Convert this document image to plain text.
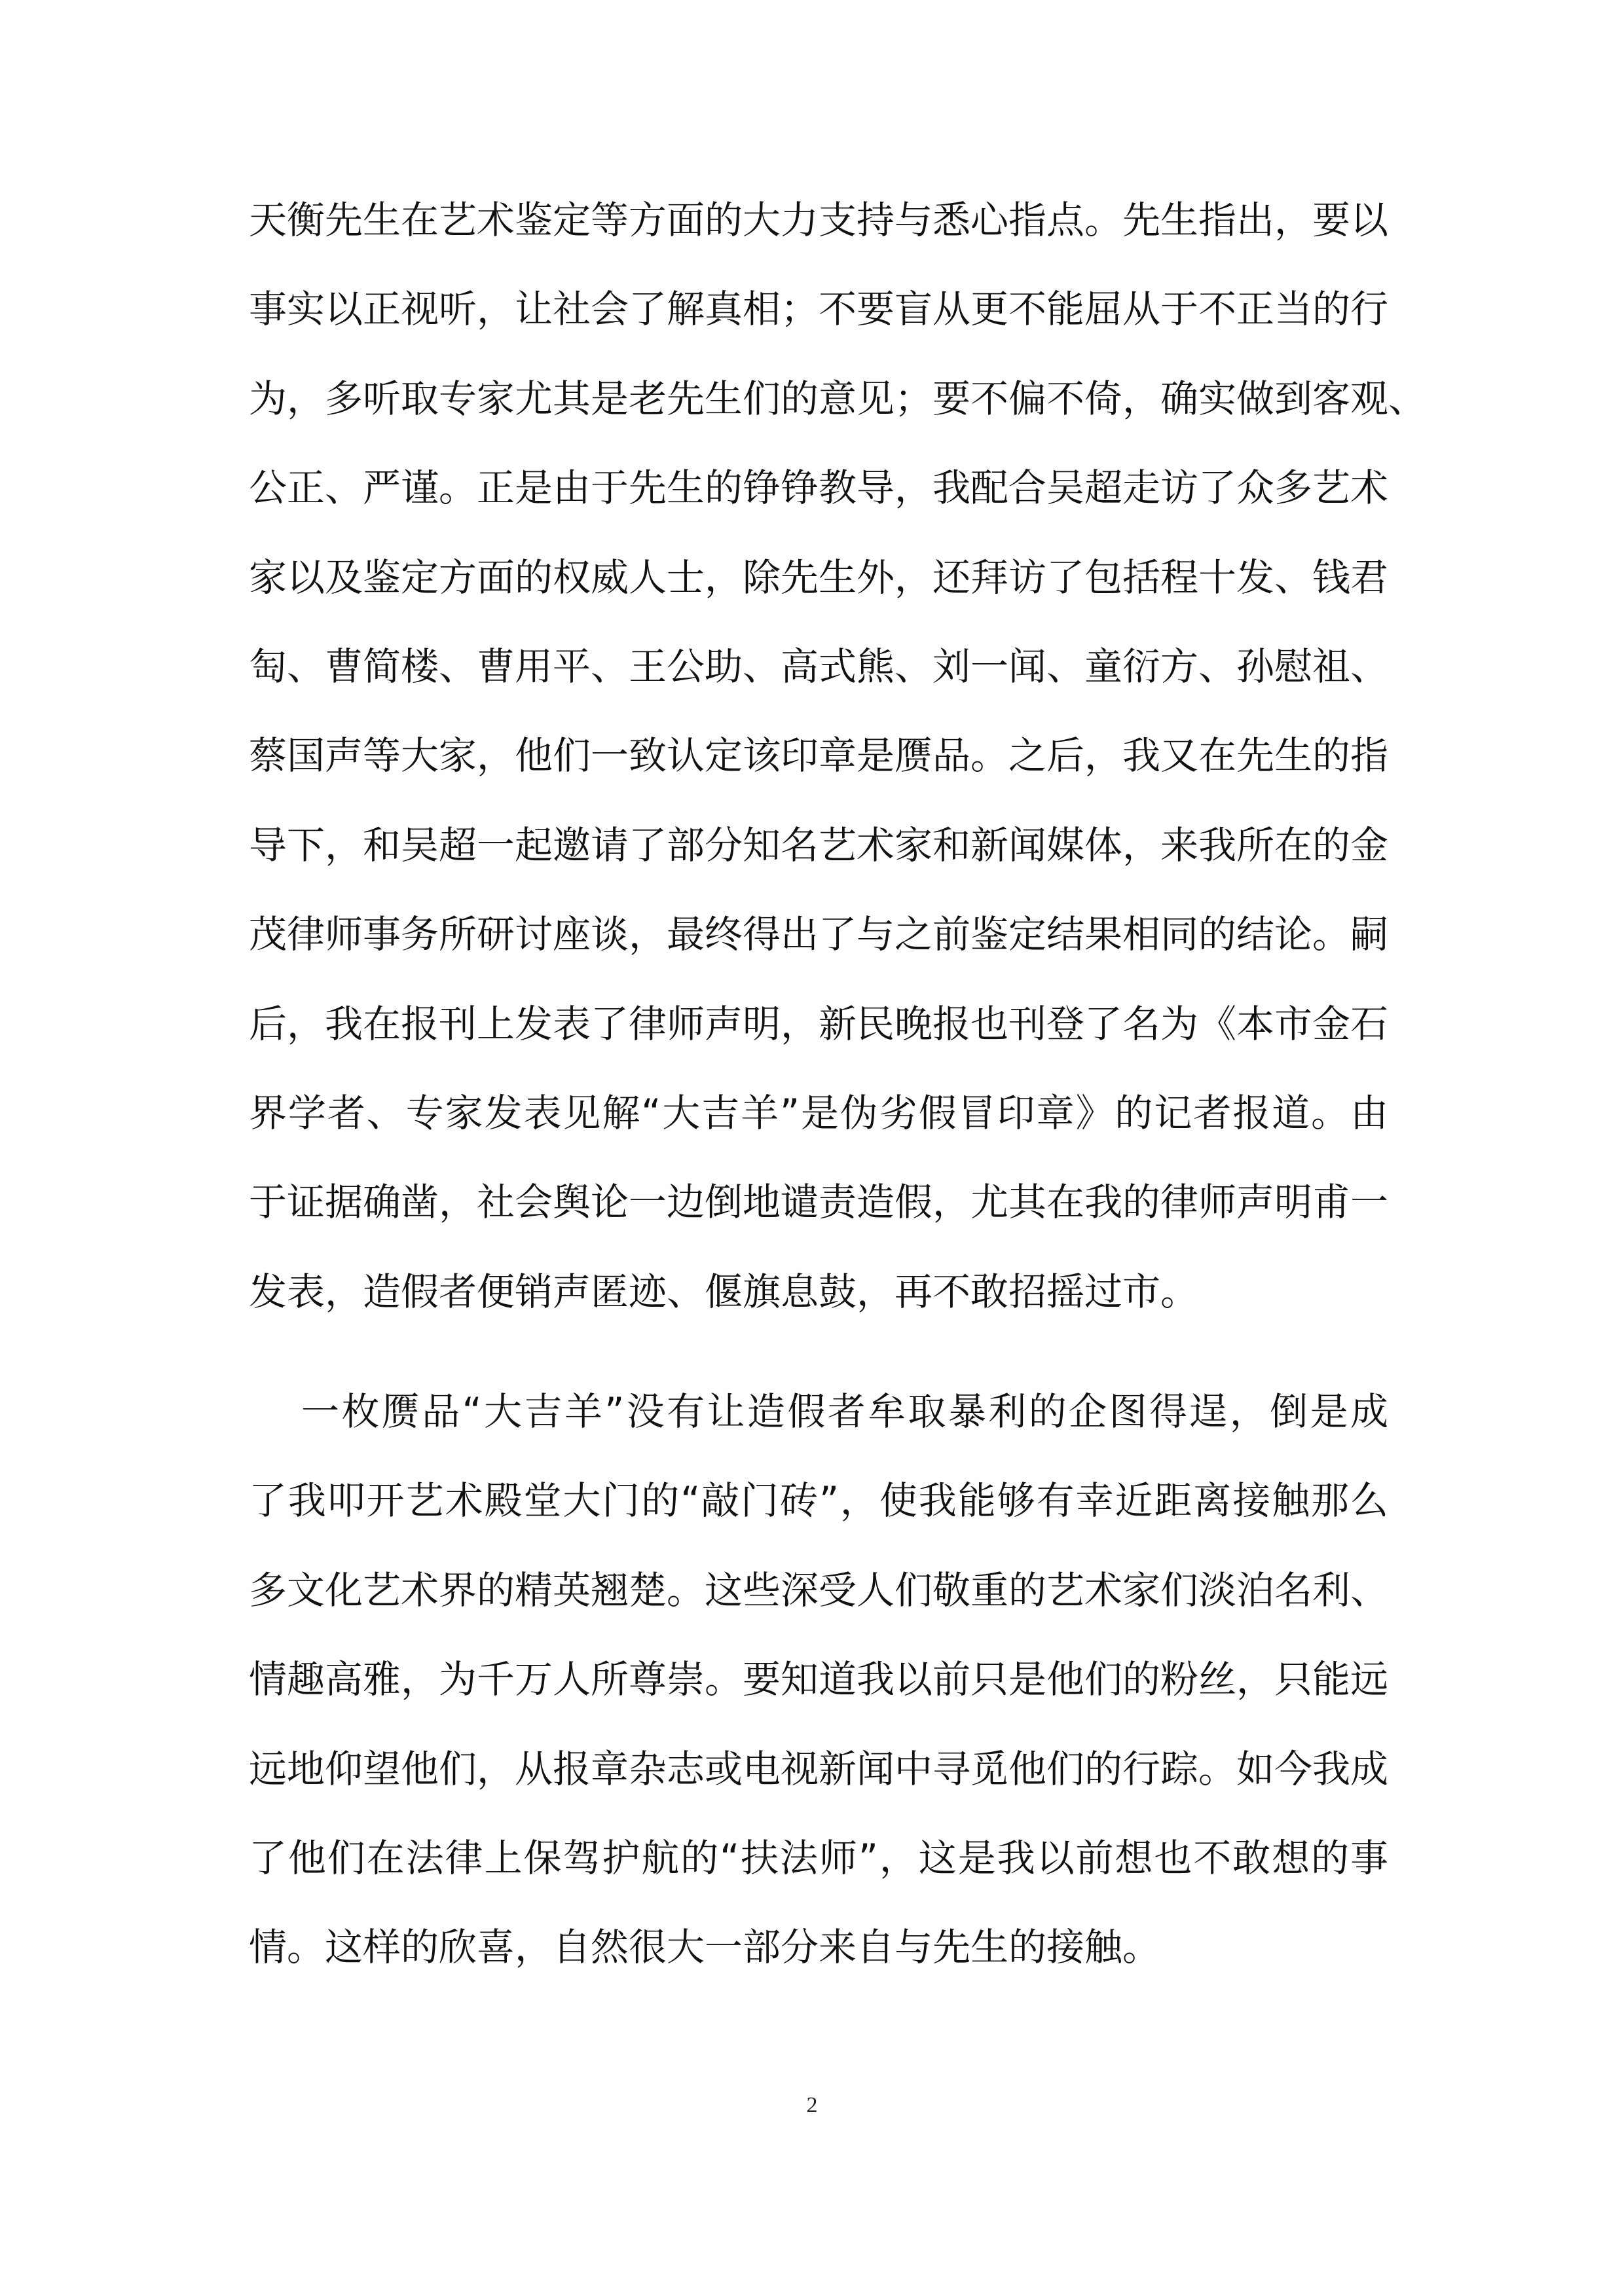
天衡先生在艺术鉴定等方面的大力支持与悉心指点。先生指出，要以
事实以正视听，让社会了解真相；不要盲从更不能屈从于不正当的行
为，多听取专家尤其是老先生们的意见；要不偏不倚，确实做到客观、
公正、严谨。正是由于先生的铮铮教导，我配合吴超走访了众多艺术
家以及鉴定方面的权威人士，除先生外，还拜访了包括程十发、钱君
匋、曹简楼、曹用平、王公助、高式熊、刘一闻、童衍方、孙慰祖、
蔡国声等大家，他们一致认定该印章是赝品。之后，我又在先生的指
导下，和吴超一起邀请了部分知名艺术家和新闻媒体，来我所在的金
茂律师事务所研讨座谈，最终得出了与之前鉴定结果相同的结论。嗣
后，我在报刊上发表了律师声明，新民晚报也刊登了名为《本市金石
界学者、专家发表见解“大吉羊”是伪劣假冒印章》的记者报道。由
于证据确凿，社会舆论一边倒地谴责造假，尤其在我的律师声明甫一
发表，造假者便销声匿迹、偃旗息鼓，再不敢招摇过市。
一枚赝品“大吉羊”没有让造假者牟取暴利的企图得逞，倒是成
了我叩开艺术殿堂大门的“敲门砖”，使我能够有幸近距离接触那么
多文化艺术界的精英翘楚。这些深受人们敬重的艺术家们淡泊名利、
情趣高雅，为千万人所尊崇。要知道我以前只是他们的粉丝，只能远
远地仰望他们，从报章杂志或电视新闻中寻觅他们的行踪。如今我成
了他们在法律上保驾护航的“扶法师”，这是我以前想也不敢想的事
情。这样的欣喜，自然很大一部分来自与先生的接触。
2
